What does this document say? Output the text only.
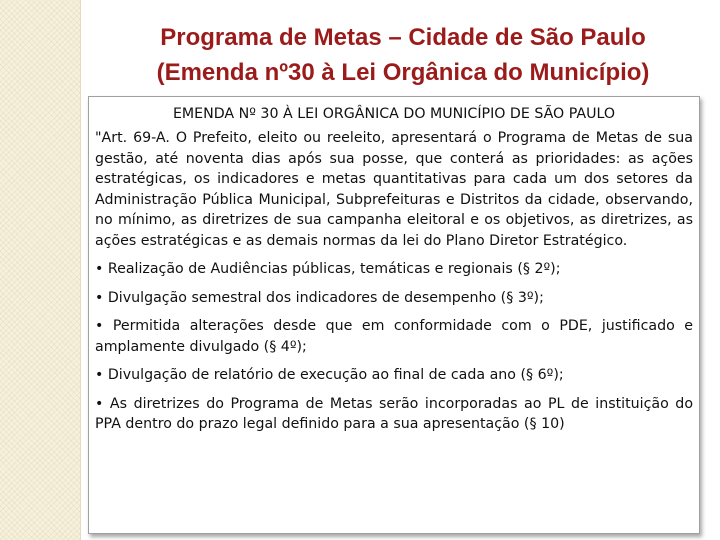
Programa de Metas – Cidade de São Paulo
(Emenda nº30 à Lei Orgânica do Município)
EMENDA Nº 30 À LEI ORGÂNICA DO MUNICÍPIO DE SÃO PAULO

"Art. 69-A. O Prefeito, eleito ou reeleito, apresentará o Programa de Metas de sua gestão, até noventa dias após sua posse, que conterá as prioridades: as ações estratégicas, os indicadores e metas quantitativas para cada um dos setores da Administração Pública Municipal, Subprefeituras e Distritos da cidade, observando, no mínimo, as diretrizes de sua campanha eleitoral e os objetivos, as diretrizes, as ações estratégicas e as demais normas da lei do Plano Diretor Estratégico.

• Realização de Audiências públicas, temáticas e regionais (§ 2º);

• Divulgação semestral dos indicadores de desempenho (§ 3º);

• Permitida alterações desde que em conformidade com o PDE, justificado e amplamente divulgado (§ 4º);

• Divulgação de relatório de execução ao final de cada ano (§ 6º);

• As diretrizes do Programa de Metas serão incorporadas ao PL de instituição do PPA dentro do prazo legal definido para a sua apresentação (§ 10)
